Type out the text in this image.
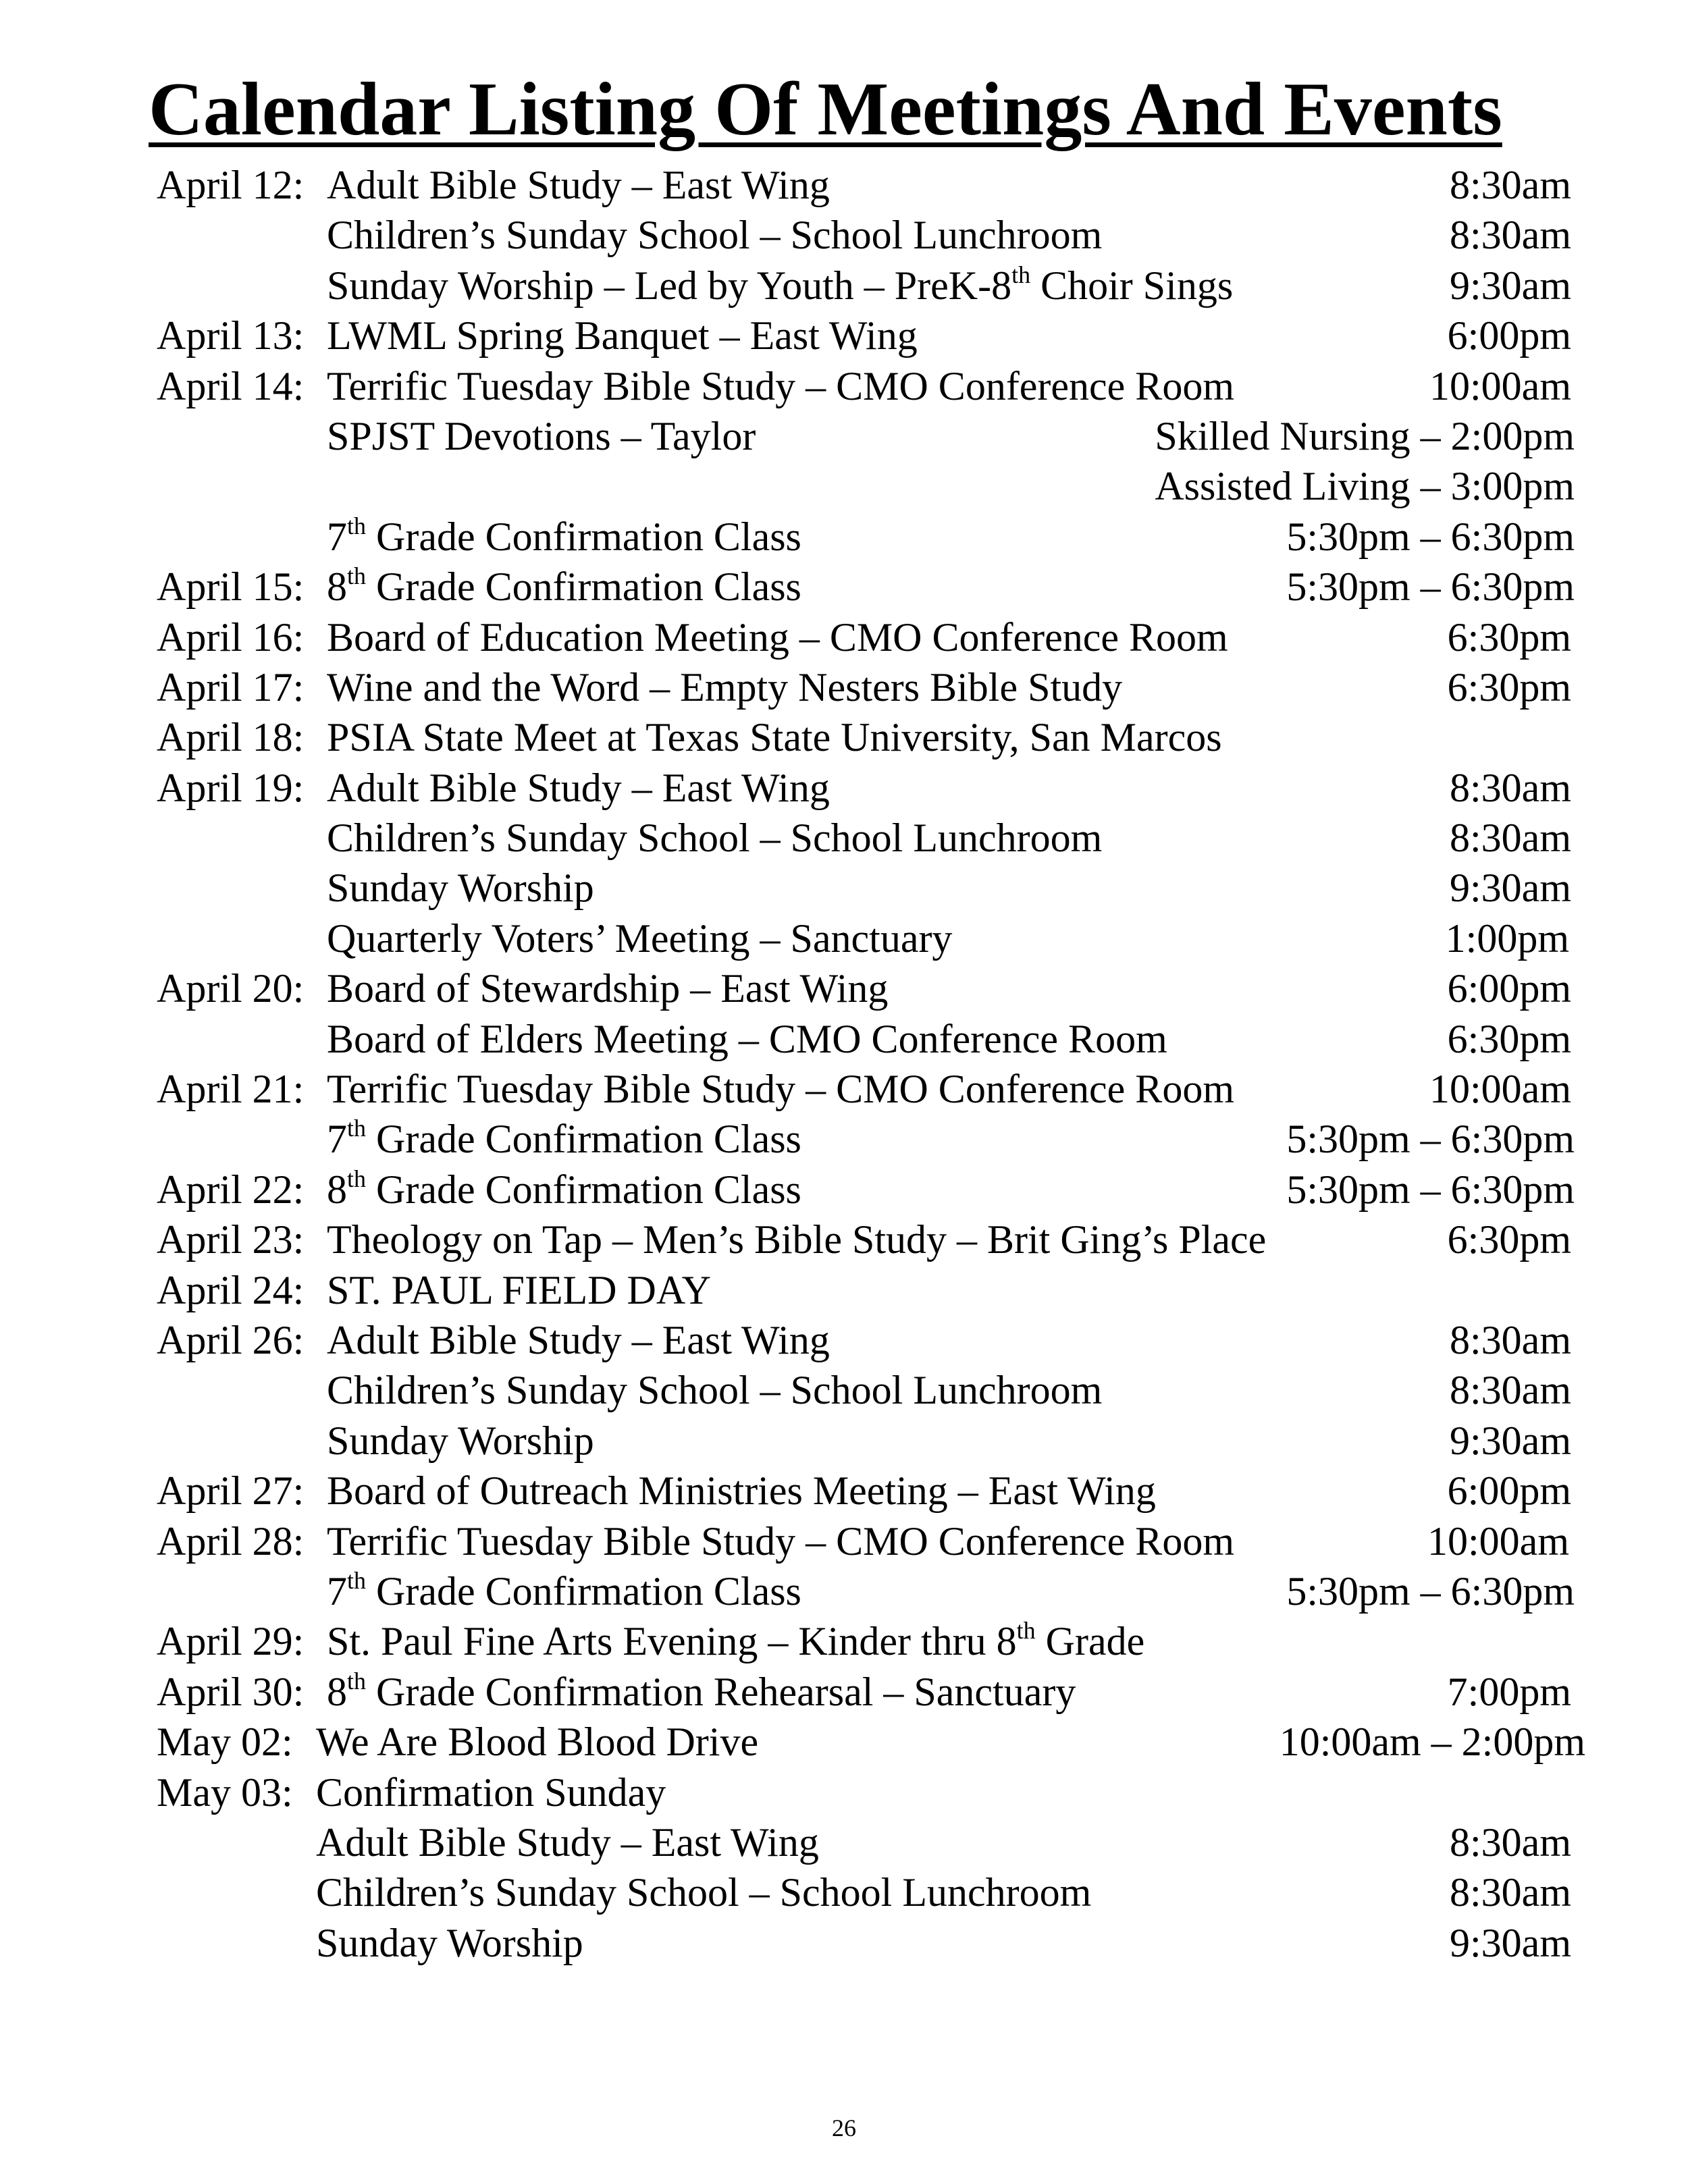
Calendar Listing Of Meetings And Events
April 12: Adult Bible Study – East Wing	8:30am
Children’s Sunday School – School Lunchroom	8:30am
Sunday Worship – Led by Youth – PreK-8th Choir Sings	9:30am
April 13: LWML Spring Banquet – East Wing	6:00pm
April 14: Terrific Tuesday Bible Study – CMO Conference Room	10:00am
SPJST Devotions – Taylor	Skilled Nursing – 2:00pm
Assisted Living – 3:00pm
7th Grade Confirmation Class	5:30pm – 6:30pm
April 15: 8th Grade Confirmation Class	5:30pm – 6:30pm
April 16: Board of Education Meeting – CMO Conference Room	6:30pm
April 17: Wine and the Word – Empty Nesters Bible Study	6:30pm
April 18: PSIA State Meet at Texas State University, San Marcos
April 19: Adult Bible Study – East Wing	8:30am
Children’s Sunday School – School Lunchroom	8:30am
Sunday Worship	9:30am
Quarterly Voters’ Meeting – Sanctuary	1:00pm
April 20: Board of Stewardship – East Wing	6:00pm
Board of Elders Meeting – CMO Conference Room	6:30pm
April 21: Terrific Tuesday Bible Study – CMO Conference Room	10:00am
7th Grade Confirmation Class	5:30pm – 6:30pm
April 22: 8th Grade Confirmation Class	5:30pm – 6:30pm
April 23: Theology on Tap – Men’s Bible Study – Brit Ging’s Place	6:30pm
April 24: ST. PAUL FIELD DAY
April 26: Adult Bible Study – East Wing	8:30am
Children’s Sunday School – School Lunchroom	8:30am
Sunday Worship	9:30am
April 27: Board of Outreach Ministries Meeting – East Wing	6:00pm
April 28: Terrific Tuesday Bible Study – CMO Conference Room	10:00am
7th Grade Confirmation Class	5:30pm – 6:30pm
April 29: St. Paul Fine Arts Evening – Kinder thru 8th Grade
April 30: 8th Grade Confirmation Rehearsal – Sanctuary	7:00pm
May 02: We Are Blood Blood Drive	10:00am – 2:00pm
May 03: Confirmation Sunday
Adult Bible Study – East Wing	8:30am
Children’s Sunday School – School Lunchroom	8:30am
Sunday Worship	9:30am
26
